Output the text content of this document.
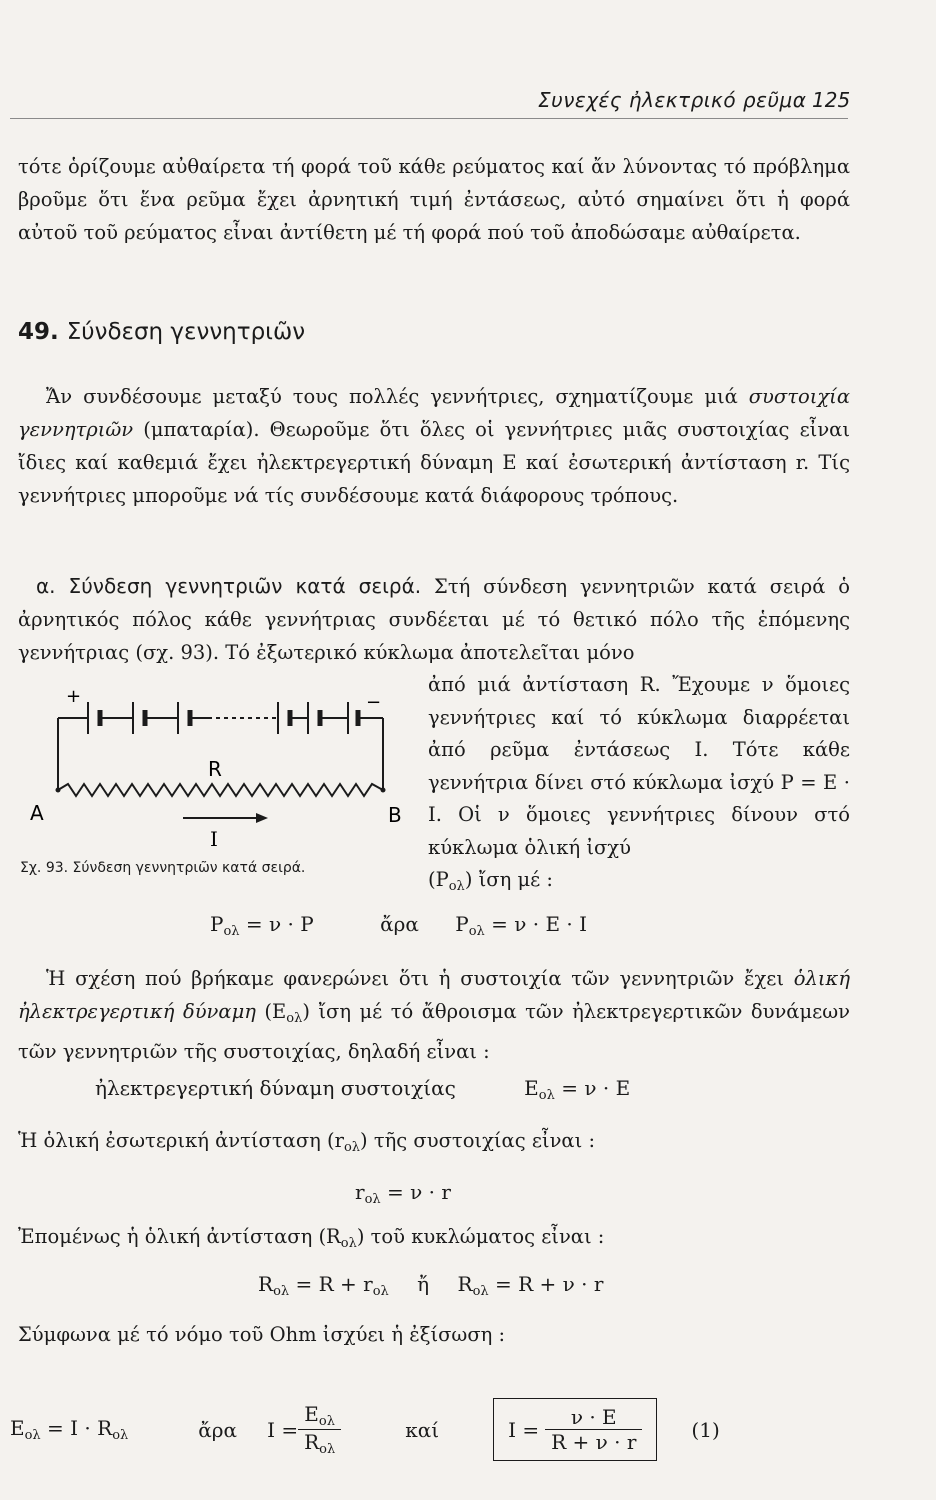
Συνεχές ἠλεκτρικό ρεῦμα 125

τότε ὁρίζουμε αὐθαίρετα τή φορά τοῦ κάθε ρεύματος καί ἄν λύνοντας τό πρόβλημα βροῦμε ὅτι ἕνα ρεῦμα ἔχει ἀρνητική τιμή ἐντάσεως, αὐτό σημαίνει ὅτι ἡ φορά αὐτοῦ τοῦ ρεύματος εἶναι ἀντίθετη μέ τή φορά πού τοῦ ἀποδώσαμε αὐθαίρετα.

49. Σύνδεση γεννητριῶν

Ἄν συνδέσουμε μεταξύ τους πολλές γεννήτριες, σχηματίζουμε μιά συστοιχία γεννητριῶν (μπαταρία). Θεωροῦμε ὅτι ὅλες οἱ γεννήτριες μιᾶς συστοιχίας εἶναι ἴδιες καί καθεμιά ἔχει ἠλεκτρεγερτική δύναμη E καί ἐσωτερική ἀντίσταση r. Τίς γεννήτριες μποροῦμε νά τίς συνδέσουμε κατά διάφορους τρόπους.

α. Σύνδεση γεννητριῶν κατά σειρά. Στή σύνδεση γεννητριῶν κατά σειρά ὁ ἀρνητικός πόλος κάθε γεννήτριας συνδέεται μέ τό θετικό πόλο τῆς ἑπόμενης γεννήτριας (σχ. 93). Τό ἐξωτερικό κύκλωμα ἀποτελεῖται μόνο

ἀπό μιά ἀντίσταση R. Ἔχουμε ν ὅμοιες γεννήτριες καί τό κύκλωμα διαρρέεται ἀπό ρεῦμα ἐντάσεως I. Τότε κάθε γεννήτρια δίνει στό κύκλωμα ἰσχύ P = E · I. Οἱ ν ὅμοιες γεννήτριες δίνουν στό κύκλωμα ὁλική ἰσχύ
$(P_{o\lambda})$ ἴση μέ :
+	−
R
A	B
I
Σχ. 93. Σύνδεση γεννητριῶν κατά σειρά.
$P_{o\lambda} = \nu \cdot P$	ἄρα $P_{o\lambda} = \nu \cdot E \cdot I$

Ἡ σχέση πού βρήκαμε φανερώνει ὅτι ἡ συστοιχία τῶν γεννητριῶν ἔχει ὁλική ἠλεκτρεγερτική δύναμη $(E_{o\lambda})$ ἴση μέ τό ἄθροισμα τῶν ἠλεκτρεγερτικῶν δυνάμεων τῶν γεννητριῶν τῆς συστοιχίας, δηλαδή εἶναι :

ἠλεκτρεγερτική δύναμη συστοιχίας	$E_{o\lambda} = \nu \cdot E$

Ἡ ὁλική ἐσωτερική ἀντίσταση $(r_{o\lambda})$ τῆς συστοιχίας εἶναι :

$r_{o\lambda} = \nu \cdot r$

Ἐπομένως ἡ ὁλική ἀντίσταση $(R_{o\lambda})$ τοῦ κυκλώματος εἶναι :

$R_{o\lambda} = R + r_{o\lambda}$ ἤ $R_{o\lambda} = R + \nu \cdot r$

Σύμφωνα μέ τό νόμο τοῦ Ohm ἰσχύει ἡ ἐξίσωση :

$E_{o\lambda} = I \cdot R_{o\lambda}$	ἄρα $I = \frac{E_{o\lambda}}{R_{o\lambda}}$	καί	$I = \frac{\nu \cdot E}{R + \nu \cdot r} (1)$
